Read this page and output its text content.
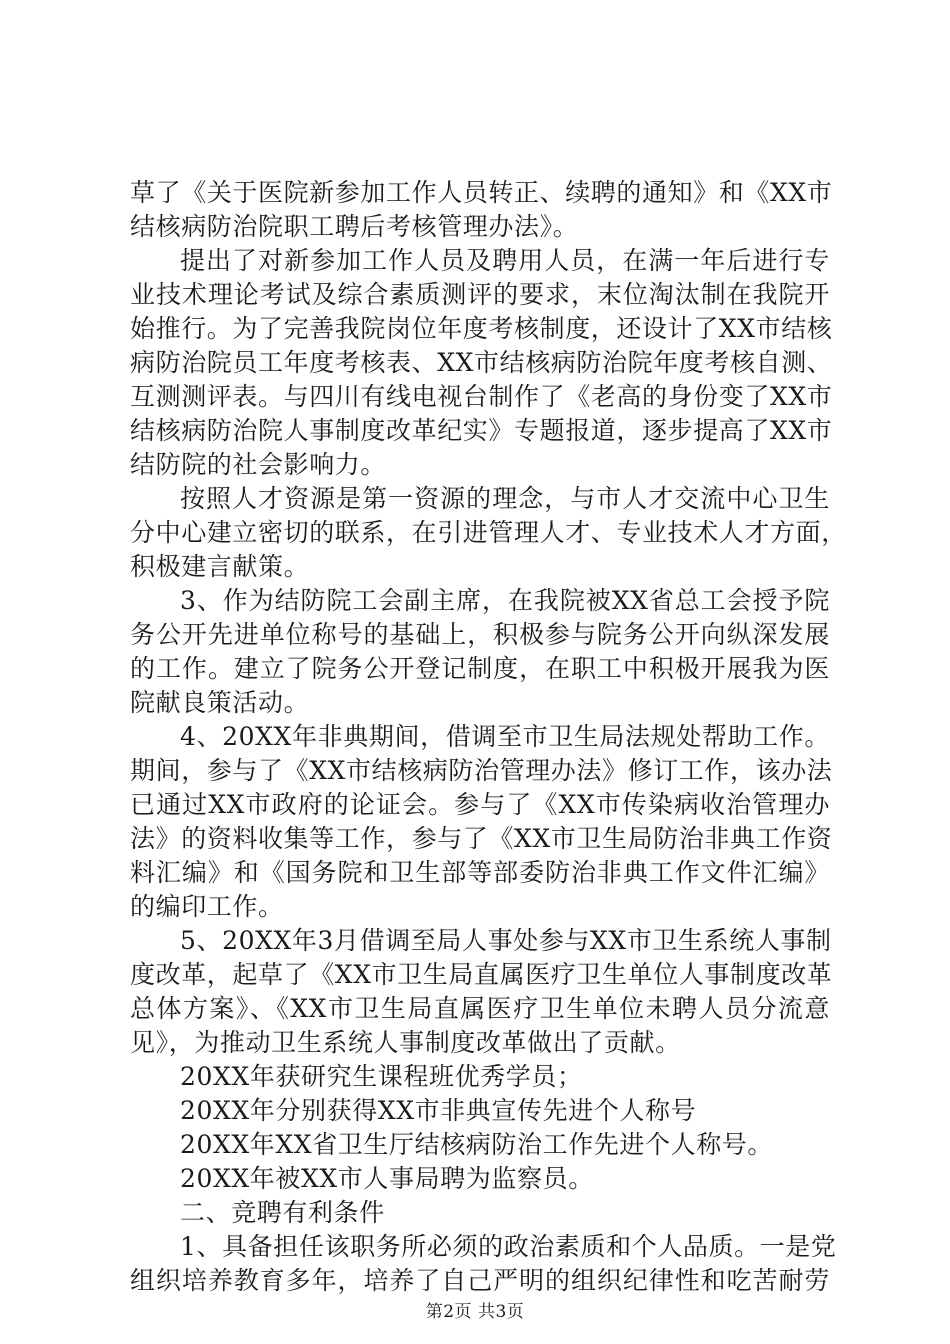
草了《关于医院新参加工作人员转正、续聘的通知》和《XX市
结核病防治院职工聘后考核管理办法》。
提出了对新参加工作人员及聘用人员，在满一年后进行专
业技术理论考试及综合素质测评的要求，末位淘汰制在我院开
始推行。为了完善我院岗位年度考核制度，还设计了XX市结核
病防治院员工年度考核表、XX市结核病防治院年度考核自测、
互测测评表。与四川有线电视台制作了《老高的身份变了XX市
结核病防治院人事制度改革纪实》专题报道，逐步提高了XX市
结防院的社会影响力。
按照人才资源是第一资源的理念，与市人才交流中心卫生
分中心建立密切的联系，在引进管理人才、专业技术人才方面，
积极建言献策。
3、作为结防院工会副主席，在我院被XX省总工会授予院
务公开先进单位称号的基础上，积极参与院务公开向纵深发展
的工作。建立了院务公开登记制度，在职工中积极开展我为医
院献良策活动。
4、20XX年非典期间，借调至市卫生局法规处帮助工作。
期间，参与了《XX市结核病防治管理办法》修订工作，该办法
已通过XX市政府的论证会。参与了《XX市传染病收治管理办
法》的资料收集等工作，参与了《XX市卫生局防治非典工作资
料汇编》和《国务院和卫生部等部委防治非典工作文件汇编》
的编印工作。
5、20XX年3月借调至局人事处参与XX市卫生系统人事制
度改革，起草了《XX市卫生局直属医疗卫生单位人事制度改革
总体方案》、《XX市卫生局直属医疗卫生单位未聘人员分流意
见》，为推动卫生系统人事制度改革做出了贡献。
20XX年获研究生课程班优秀学员；
20XX年分别获得XX市非典宣传先进个人称号
20XX年XX省卫生厅结核病防治工作先进个人称号。
20XX年被XX市人事局聘为监察员。
二、竞聘有利条件
1、具备担任该职务所必须的政治素质和个人品质。一是党
组织培养教育多年，培养了自己严明的组织纪律性和吃苦耐劳
第2页 共3页
